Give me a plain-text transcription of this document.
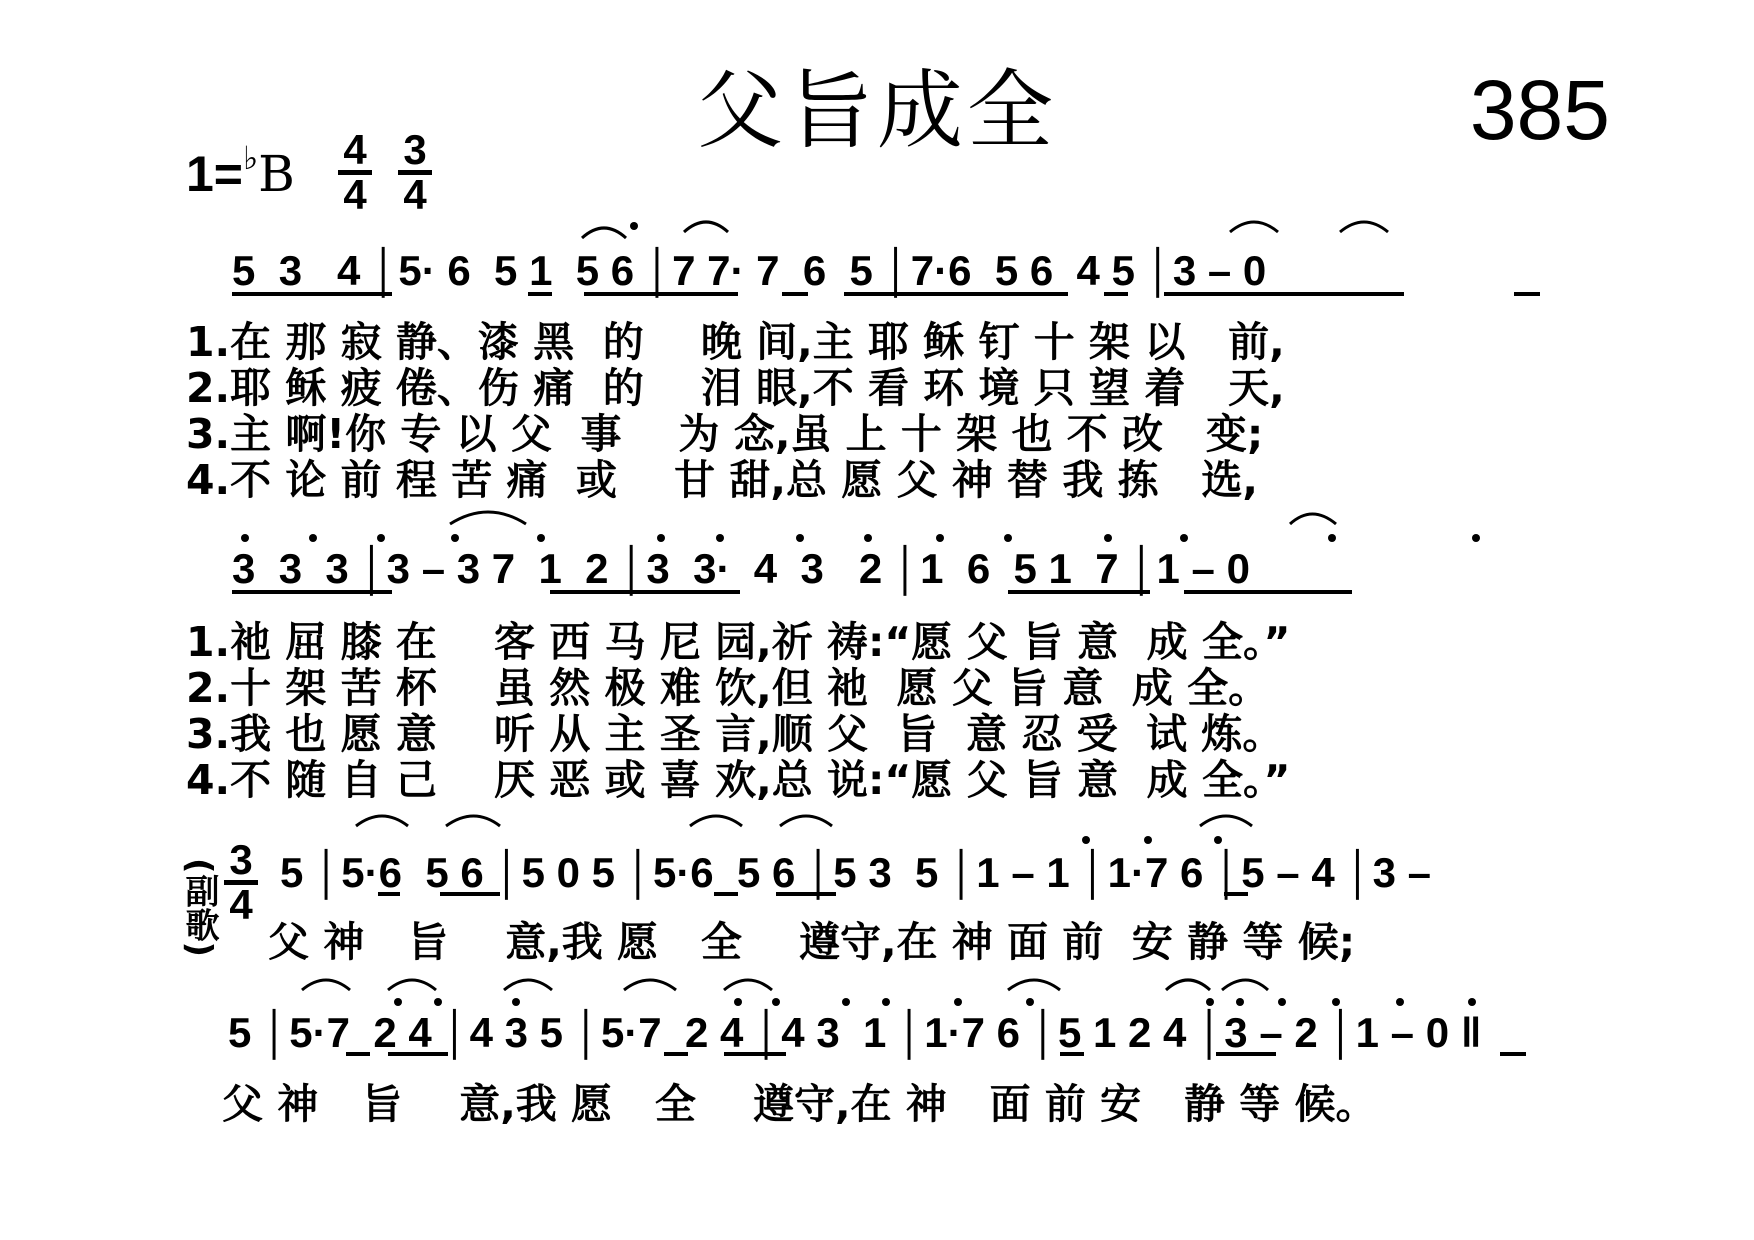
父旨成全	385
$1=^♭B \frac{4}{4} \frac{3}{4}$
5  3   4 │5· 6  5 1  5 6 │7 7· 7  6  5 │7·6  5 6  4 5 │3 – 0
1.在 那 寂 静、漆 黑  的    晚 间,主 耶 稣 钉 十 架 以   前,
2.耶 稣 疲 倦、伤 痛  的    泪 眼,不 看 环 境 只 望 着   天,
3.主 啊!你 专 以 父  事    为 念,虽 上 十 架 也 不 改   变;
4.不 论 前 程 苦 痛  或    甘 甜,总 愿 父 神 替 我 拣   选,
3  3  3 │3 – 3 7  1  2 │3  3·  4  3   2 │1  6  5 1  7 │1 – 0
1.祂 屈 膝 在    客 西 马 尼 园,祈 祷:“愿 父 旨 意  成 全。”
2.十 架 苦 杯    虽 然 极 难 饮,但 祂  愿 父 旨 意  成 全。
3.我 也 愿 意    听 从 主 圣 言,顺 父  旨  意 忍 受  试 炼。
4.不 随 自 己    厌 恶 或 喜 欢,总 说:“愿 父 旨 意  成 全。”
(副歌) $\frac{3}{4} 5$ │5·6  5 6 │5 0 5 │5·6  5 6 │5 3  5 │1 – 1 │1·7 6 │5 – 4 │3 –
父 神   旨    意,我 愿   全    遵守,在 神 面 前  安 静 等 候;
5 │5·7  2 4 │4 3 5 │5·7  2 4 │4 3  1 │1·7 6 │5 1 2 4 │3 – 2 │1 – 0 ‖
父 神   旨    意,我 愿   全    遵守,在 神   面 前 安   静 等 候。
